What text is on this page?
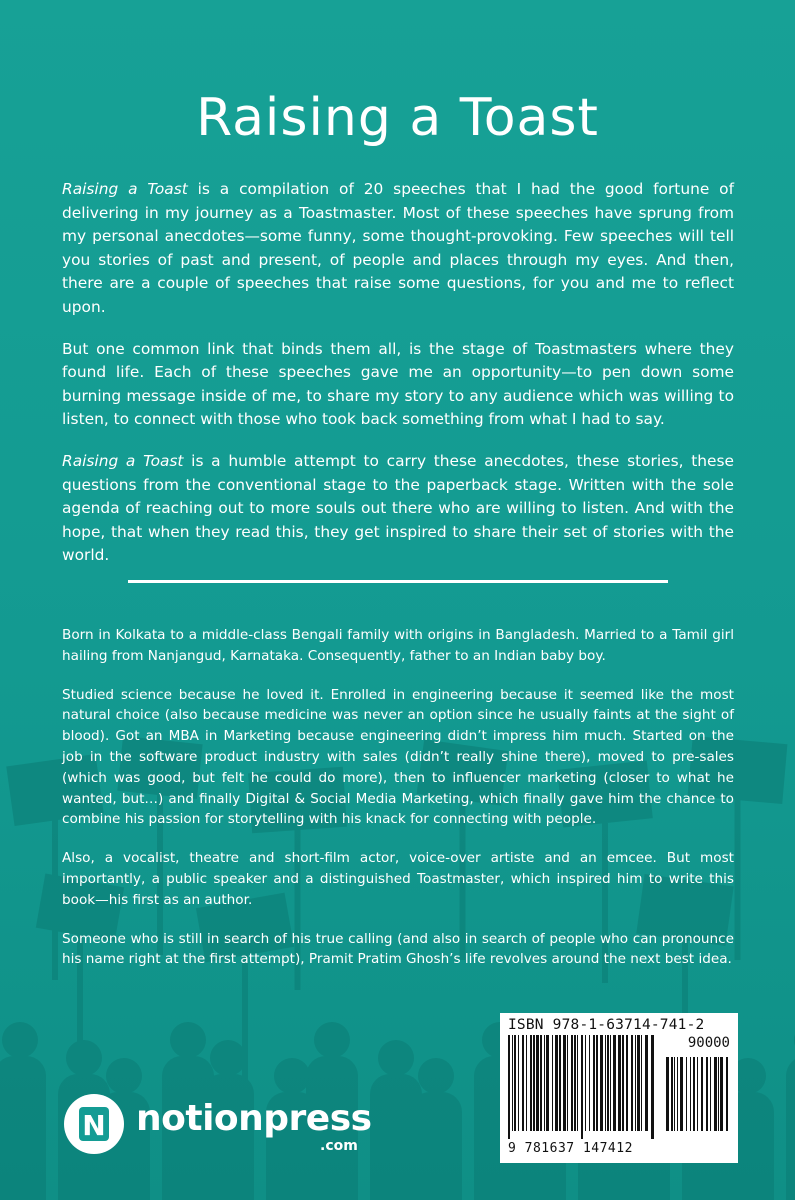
Raising a Toast

Raising a Toast is a compilation of 20 speeches that I had the good fortune of delivering in my journey as a Toastmaster. Most of these speeches have sprung from my personal anecdotes—some funny, some thought-provoking. Few speeches will tell you stories of past and present, of people and places through my eyes. And then, there are a couple of speeches that raise some questions, for you and me to reflect upon.

But one common link that binds them all, is the stage of Toastmasters where they found life. Each of these speeches gave me an opportunity—to pen down some burning message inside of me, to share my story to any audience which was willing to listen, to connect with those who took back something from what I had to say.

Raising a Toast is a humble attempt to carry these anecdotes, these stories, these questions from the conventional stage to the paperback stage. Written with the sole agenda of reaching out to more souls out there who are willing to listen. And with the hope, that when they read this, they get inspired to share their set of stories with the world.

Born in Kolkata to a middle-class Bengali family with origins in Bangladesh. Married to a Tamil girl hailing from Nanjangud, Karnataka. Consequently, father to an Indian baby boy.

Studied science because he loved it. Enrolled in engineering because it seemed like the most natural choice (also because medicine was never an option since he usually faints at the sight of blood). Got an MBA in Marketing because engineering didn’t impress him much. Started on the job in the software product industry with sales (didn’t really shine there), moved to pre-sales (which was good, but felt he could do more), then to influencer marketing (closer to what he wanted, but…) and finally Digital & Social Media Marketing, which finally gave him the chance to combine his passion for storytelling with his knack for connecting with people.

Also, a vocalist, theatre and short-film actor, voice-over artiste and an emcee. But most importantly, a public speaker and a distinguished Toastmaster, which inspired him to write this book—his first as an author.

Someone who is still in search of his true calling (and also in search of people who can pronounce his name right at the first attempt), Pramit Pratim Ghosh’s life revolves around the next best idea.

N notionpress
.com
ISBN 978-1-63714-741-2
90000
9 781637 147412
